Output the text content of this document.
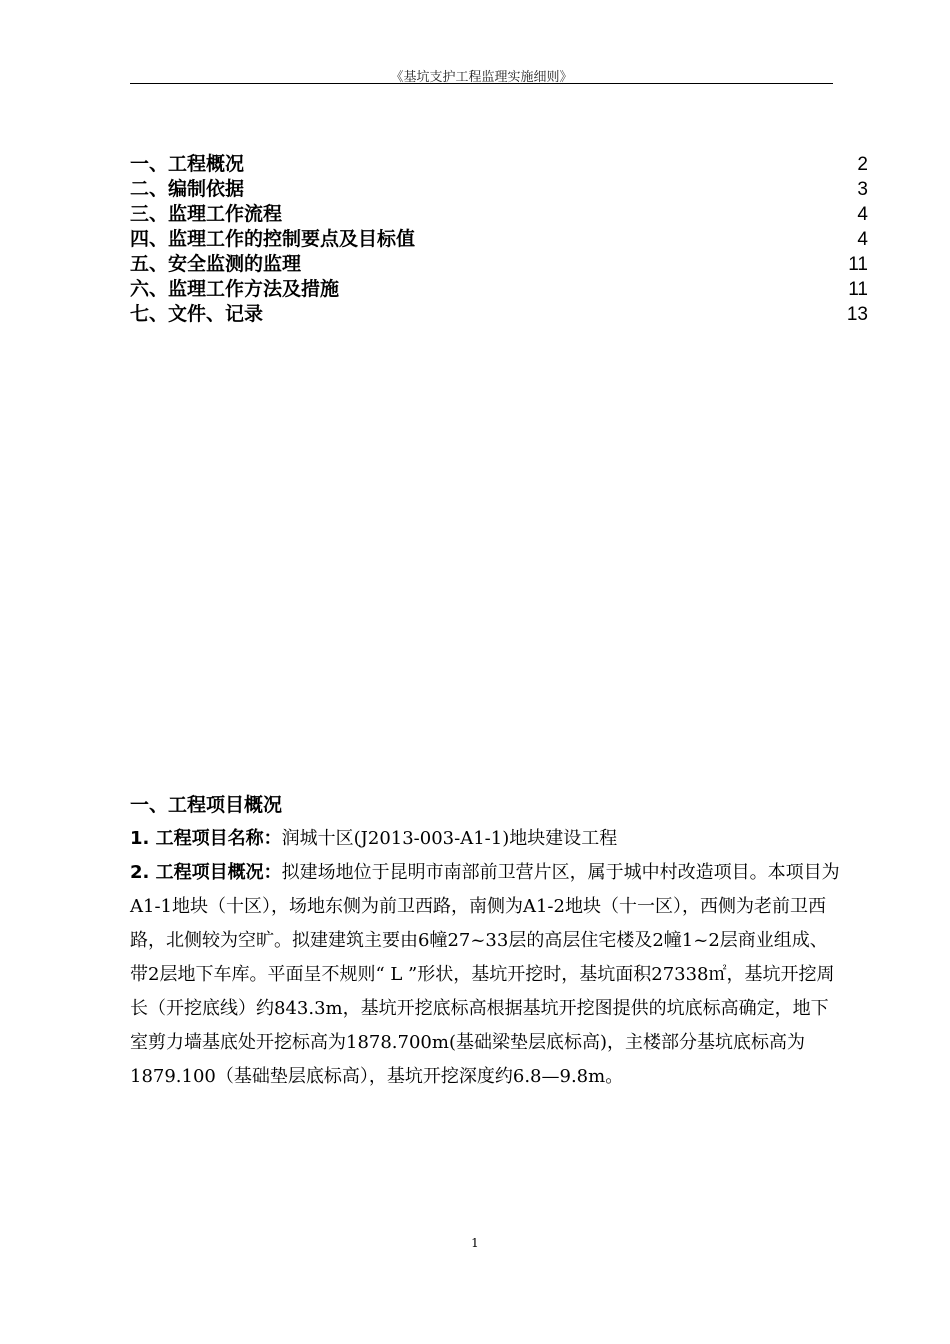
《基坑支护工程监理实施细则》
一、工程概况	2
二、编制依据	3
三、监理工作流程	4
四、监理工作的控制要点及目标值	4
五、安全监测的监理	11
六、监理工作方法及措施	11
七、文件、记录	13
一、工程项目概况

1. 工程项目名称：润城十区(J2013-003-A1-1)地块建设工程

2. 工程项目概况：拟建场地位于昆明市南部前卫营片区，属于城中村改造项目。本项目为A1-1地块（十区），场地东侧为前卫西路，南侧为A1-2地块（十一区），西侧为老前卫西路，北侧较为空旷。拟建建筑主要由6幢27~33层的高层住宅楼及2幢1~2层商业组成、带2层地下车库。平面呈不规则“ L ”形状，基坑开挖时，基坑面积27338㎡，基坑开挖周长（开挖底线）约843.3m，基坑开挖底标高根据基坑开挖图提供的坑底标高确定，地下室剪力墙基底处开挖标高为1878.700m(基础梁垫层底标高)，主楼部分基坑底标高为1879.100（基础垫层底标高），基坑开挖深度约6.8—9.8m。

1
